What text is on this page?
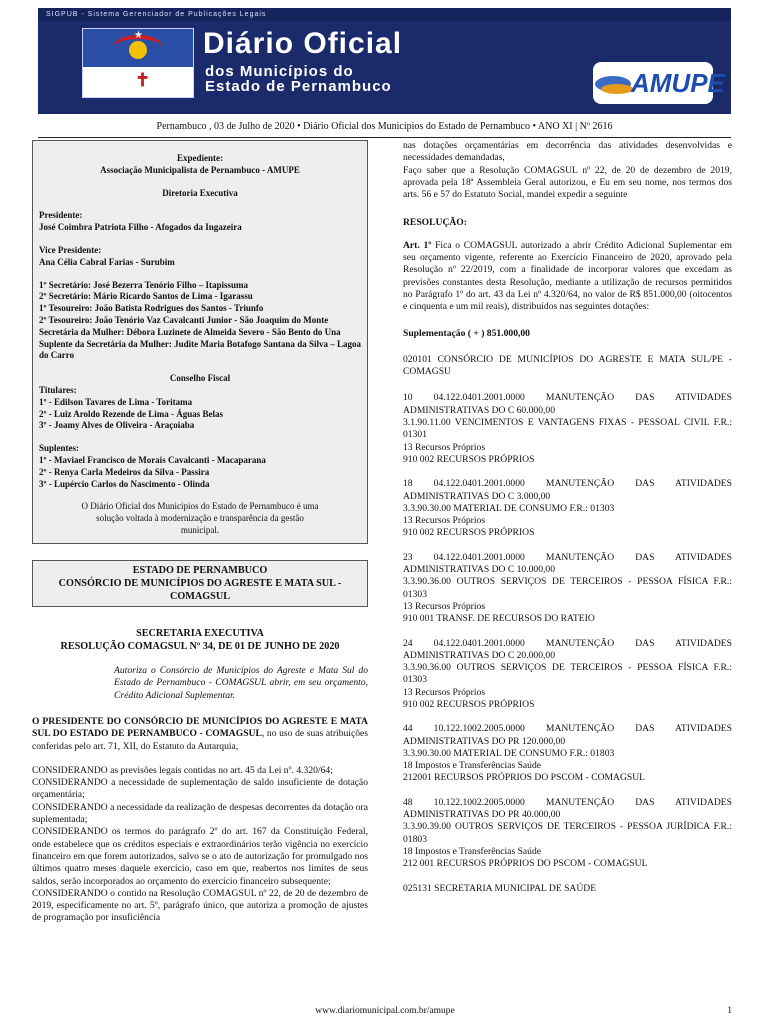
SIGPUB - Sistema Gerenciador de Publicações Legais
★
✝
Diário Oficial
dos Municípios do
Estado de Pernambuco	AMUPE
Pernambuco , 03 de Julho de 2020 • Diário Oficial dos Municípios do Estado de Pernambuco • ANO XI | Nº 2616

Expediente:

Associação Municipalista de Pernambuco - AMUPE

Diretoria Executiva

Presidente:

José Coimbra Patriota Filho - Afogados da Ingazeira

Vice Presidente:

Ana Célia Cabral Farias - Surubim

1º Secretário: José Bezerra Tenório Filho – Itapissuma

2º Secretário: Mário Ricardo Santos de Lima - Igarassu

1º Tesoureiro: João Batista Rodrigues dos Santos - Triunfo

2º Tesoureiro: João Tenório Vaz Cavalcanti Junior - São Joaquim do Monte

Secretária da Mulher: Débora Luzinete de Almeida Severo - São Bento do Una

Suplente da Secretária da Mulher: Judite Maria Botafogo Santana da Silva – Lagoa do Carro

Conselho Fiscal

Titulares:

1º - Edilson Tavares de Lima - Toritama

2º - Luiz Aroldo Rezende de Lima - Águas Belas

3º - Joamy Alves de Oliveira - Araçoiaba

Suplentes:

1º - Maviael Francisco de Morais Cavalcanti - Macaparana

2º - Renya Carla Medeiros da Silva - Passira

3º - Lupércio Carlos do Nascimento - Olinda

O Diário Oficial dos Municípios do Estado de Pernambuco é uma solução voltada à modernização e transparência da gestão municipal.

ESTADO DE PERNAMBUCO
CONSÓRCIO DE MUNICÍPIOS DO AGRESTE E MATA SUL - COMAGSUL
SECRETARIA EXECUTIVA
RESOLUÇÃO COMAGSUL Nº 34, DE 01 DE JUNHO DE 2020

Autoriza o Consórcio de Municípios do Agreste e Mata Sul do Estado de Pernambuco - COMAGSUL abrir, em seu orçamento, Crédito Adicional Suplementar.

O PRESIDENTE DO CONSÓRCIO DE MUNICÍPIOS DO AGRESTE E MATA SUL DO ESTADO DE PERNAMBUCO - COMAGSUL, no uso de suas atribuições conferidas pelo art. 71, XII, do Estatuto da Autarquia,

CONSIDERANDO as previsões legais contidas no art. 45 da Lei nº. 4.320/64;

CONSIDERANDO a necessidade de suplementação de saldo insuficiente de dotação orçamentária;

CONSIDERANDO a necessidade da realização de despesas decorrentes da dotação ora suplementada;

CONSIDERANDO os termos do parágrafo 2º do art. 167 da Constituição Federal, onde estabelece que os créditos especiais e extraordinários terão vigência no exercício financeiro em que forem autorizados, salvo se o ato de autorização for promulgado nos últimos quatro meses daquele exercício, caso em que, reabertos nos limites de seus saldos, serão incorporados ao orçamento do exercício financeiro subsequente;

CONSIDERANDO o contido na Resolução COMAGSUL nº 22, de 20 de dezembro de 2019, especificamente no art. 5º, parágrafo único, que autoriza a promoção de ajustes de programação por insuficiência

nas dotações orçamentárias em decorrência das atividades desenvolvidas e necessidades demandadas,

Faço saber que a Resolução COMAGSUL nº 22, de 20 de dezembro de 2019, aprovada pela 18ª Assembleia Geral autorizou, e Eu em seu nome, nos termos dos arts. 56 e 57 do Estatuto Social, mandei expedir a seguinte

RESOLUÇÃO:

Art. 1º Fica o COMAGSUL autorizado a abrir Crédito Adicional Suplementar em seu orçamento vigente, referente ao Exercício Financeiro de 2020, aprovado pela Resolução nº 22/2019, com a finalidade de incorporar valores que excedam as previsões constantes desta Resolução, mediante a utilização de recursos permitidos no Parágrafo 1º do art. 43 da Lei nº 4.320/64, no valor de R$ 851.000,00 (oitocentos e cinquenta e um mil reais), distribuídos nas seguintes dotações:

Suplementação ( + ) 851.000,00

020101 CONSÓRCIO DE MUNICÍPIOS DO AGRESTE E MATA SUL/PE - COMAGSU

10 04.122.0401.2001.0000 MANUTENÇÃO DAS ATIVIDADES ADMINISTRATIVAS DO C 60.000,00

3.1.90.11.00 VENCIMENTOS E VANTAGENS FIXAS - PESSOAL CIVIL F.R.: 01301

13 Recursos Próprios

910 002 RECURSOS PRÓPRIOS

18 04.122.0401.2001.0000 MANUTENÇÃO DAS ATIVIDADES ADMINISTRATIVAS DO C 3.000,00

3.3.90.30.00 MATERIAL DE CONSUMO F.R.: 01303

13 Recursos Próprios

910 002 RECURSOS PRÓPRIOS

23 04.122.0401.2001.0000 MANUTENÇÃO DAS ATIVIDADES ADMINISTRATIVAS DO C 10.000,00

3.3.90.36.00 OUTROS SERVIÇOS DE TERCEIROS - PESSOA FÍSICA F.R.: 01303

13 Recursos Próprios

910 001 TRANSF. DE RECURSOS DO RATEIO

24 04.122.0401.2001.0000 MANUTENÇÃO DAS ATIVIDADES ADMINISTRATIVAS DO C 20.000,00

3.3.90.36.00 OUTROS SERVIÇOS DE TERCEIROS - PESSOA FÍSICA F.R.: 01303

13 Recursos Próprios

910 002 RECURSOS PRÓPRIOS

44 10.122.1002.2005.0000 MANUTENÇÃO DAS ATIVIDADES ADMINISTRATIVAS DO PR 120.000,00

3.3.90.30.00 MATERIAL DE CONSUMO F.R.: 01803

18 Impostos e Transferências Saúde

212001 RECURSOS PRÓPRIOS DO PSCOM - COMAGSUL

48 10.122.1002.2005.0000 MANUTENÇÃO DAS ATIVIDADES ADMINISTRATIVAS DO PR 40.000,00

3.3.90.39.00 OUTROS SERVIÇOS DE TERCEIROS - PESSOA JURÍDICA F.R.: 01803

18 Impostos e Transferências Saúde

212 001 RECURSOS PRÓPRIOS DO PSCOM - COMAGSUL

025131 SECRETARIA MUNICIPAL DE SAÚDE

www.diariomunicipal.com.br/amupe	1
